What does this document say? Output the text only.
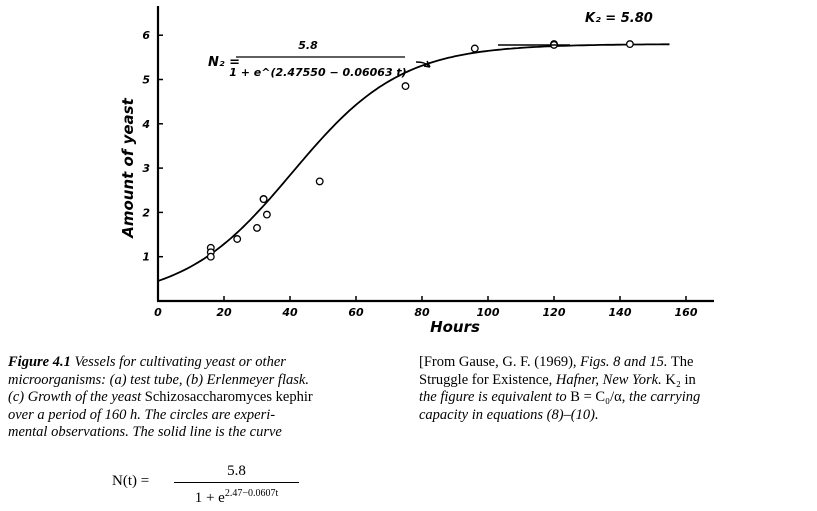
0	20	40	60	80	100	120	140	160
1
2
3
4
5
6
Hours
Amount of yeast
K₂ = 5.80
N₂ =
5.8
1 + e^(2.47550 − 0.06063 t)
Figure 4.1 Vessels for cultivating yeast or other
microorganisms: (a) test tube, (b) Erlenmeyer flask.
(c) Growth of the yeast Schizosaccharomyces kephir
over a period of 160 h. The circles are experi-
mental observations. The solid line is the curve
[From Gause, G. F. (1969), Figs. 8 and 15. The
Struggle for Existence, Hafner, New York. K₂ in
the figure is equivalent to B = C₀/α, the carrying
capacity in equations (8)–(10).
N(t) =
5.8
$1 + e^{2.47-0.0607t}$
